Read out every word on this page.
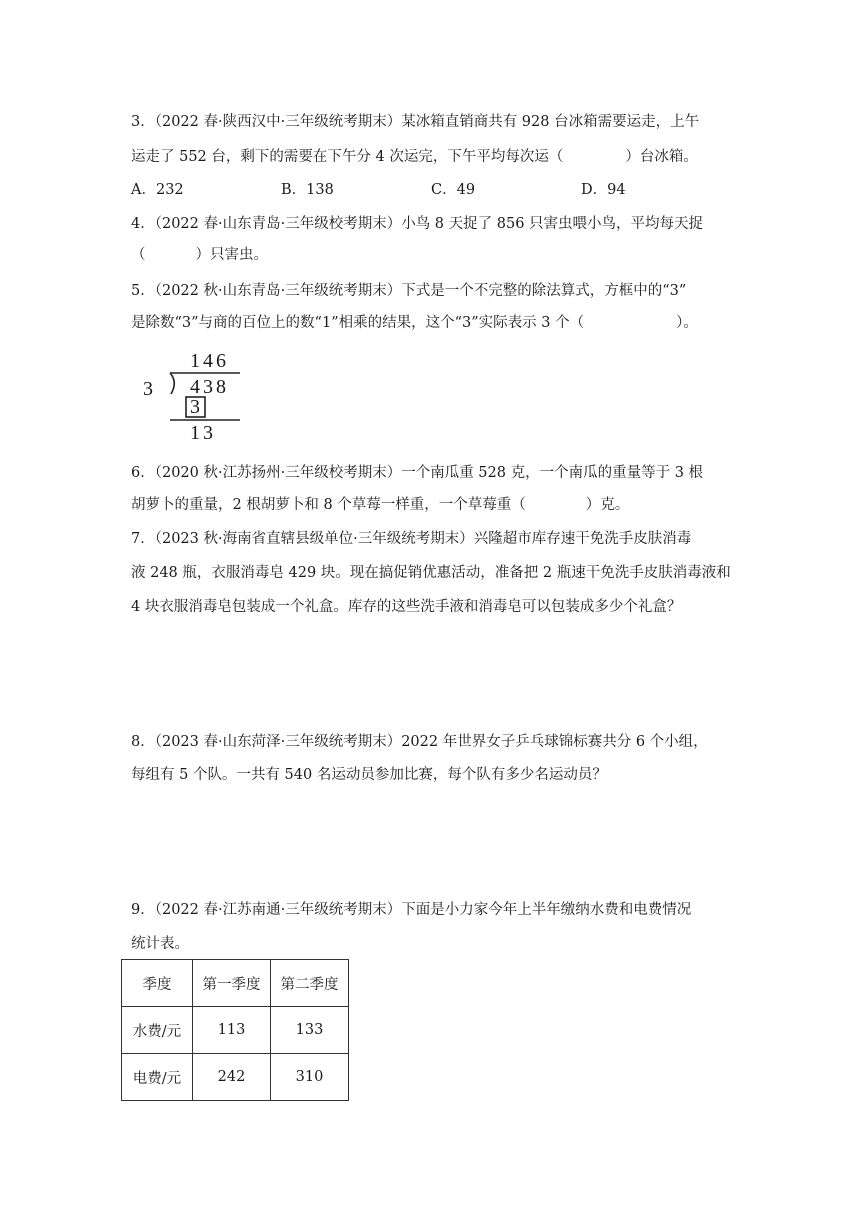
3．（2022 春·陕西汉中·三年级统考期末）某冰箱直销商共有 928 台冰箱需要运走，上午
运走了 552 台，剩下的需要在下午分 4 次运完，下午平均每次运（	）台冰箱。
A．232	B．138	C．49	D．94
4．（2022 春·山东青岛·三年级校考期末）小鸟 8 天捉了 856 只害虫喂小鸟，平均每天捉
（	）只害虫。
5．（2022 秋·山东青岛·三年级统考期末）下式是一个不完整的除法算式，方框中的“3”
是除数“3”与商的百位上的数“1”相乘的结果，这个“3”实际表示 3 个（	）。
146
3 438
3
13
6．（2020 秋·江苏扬州·三年级校考期末）一个南瓜重 528 克，一个南瓜的重量等于 3 根
胡萝卜的重量，2 根胡萝卜和 8 个草莓一样重，一个草莓重（	）克。
7．（2023 秋·海南省直辖县级单位·三年级统考期末）兴隆超市库存速干免洗手皮肤消毒
液 248 瓶，衣服消毒皂 429 块。现在搞促销优惠活动，准备把 2 瓶速干免洗手皮肤消毒液和
4 块衣服消毒皂包装成一个礼盒。库存的这些洗手液和消毒皂可以包装成多少个礼盒？
8．（2023 春·山东菏泽·三年级统考期末）2022 年世界女子乒乓球锦标赛共分 6 个小组，
每组有 5 个队。一共有 540 名运动员参加比赛，每个队有多少名运动员？
9．（2022 春·江苏南通·三年级统考期末）下面是小力家今年上半年缴纳水费和电费情况
统计表。
季度	第一季度	第二季度
水费/元	113	133
电费/元	242	310
